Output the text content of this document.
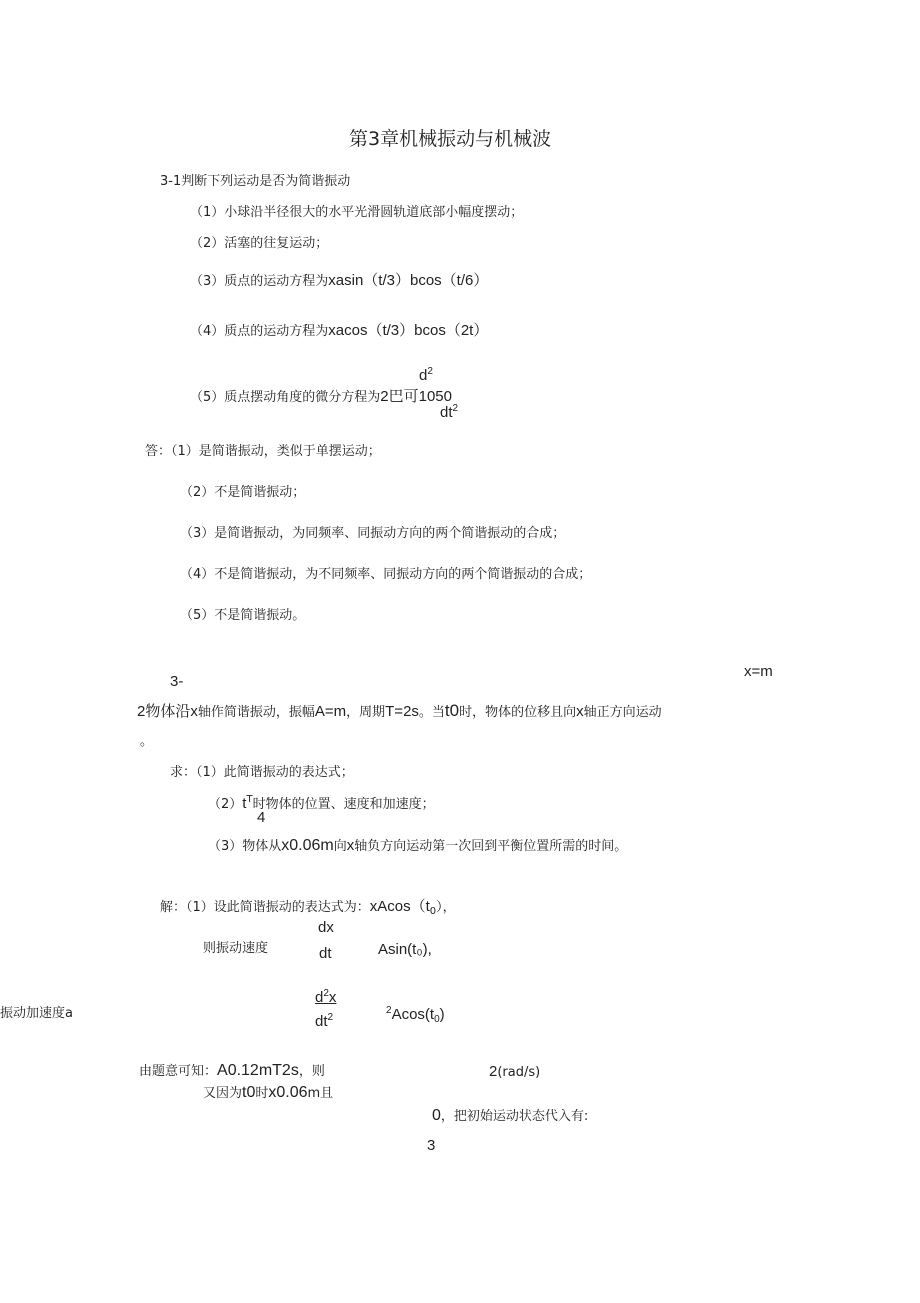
第3章机械振动与机械波
3-1判断下列运动是否为简谐振动
（1）小球沿半径很大的水平光滑圆轨道底部小幅度摆动；
（2）活塞的往复运动；
（3）质点的运动方程为xasin（t/3）bcos（t/6）
（4）质点的运动方程为xacos（t/3）bcos（2t）
$d^2$
（5）质点摆动角度的微分方程为2巴可1050
$dt^2$
答：（1）是简谐振动，类似于单摆运动；
（2）不是简谐振动；
（3）是简谐振动，为同频率、同振动方向的两个简谐振动的合成；
（4）不是简谐振动，为不同频率、同振动方向的两个简谐振动的合成；
（5）不是简谐振动。
3-
x=m
2物体沿x轴作简谐振动，振幅A=m，周期T=2s。当t0时，物体的位移且向x轴正方向运动
。
求：（1）此简谐振动的表达式；
$(2)t^T$时物体的位置、速度和加速度；
4
（3）物体从x0.06m向x轴负方向运动第一次回到平衡位置所需的时间。
解：（1）设此简谐振动的表达式为：$xAcos(t_0)$，
dx
则振动速度	dt	Asin(t₀),
$d^2x$
振动加速度a	$dt^2$
$^2Acos(t_0)$
由题意可知：A0.12mT2s，则	2(rad/s)
又因为t0时x0.06m且
0，把初始运动状态代入有:
3
